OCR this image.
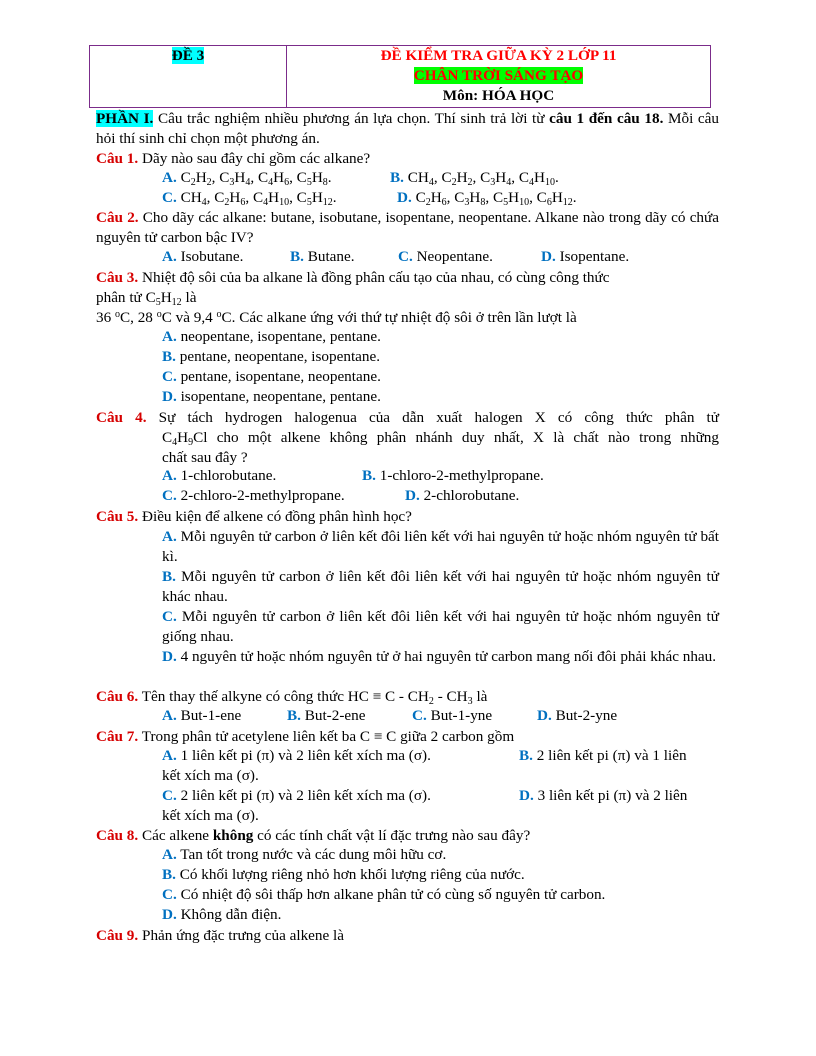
ĐỀ 3	ĐỀ KIỂM TRA GIỮA KỲ 2 LỚP 11
CHÂN TRỜI SÁNG TẠO
Môn: HÓA HỌC
PHẦN I. Câu trắc nghiệm nhiều phương án lựa chọn. Thí sinh trả lời từ câu 1 đến câu 18. Mỗi câu hỏi thí sinh chỉ chọn một phương án.
Câu 1. Dãy nào sau đây chỉ gồm các alkane?
A. $C_2H_2$, $C_3H_4$, $C_4H_6$, $C_5H_8$.	B. $CH_4$, $C_2H_2$, $C_3H_4$, $C_4H_{10}$.
C. $CH_4$, $C_2H_6$, $C_4H_{10}$, $C_5H_{12}$.	D. $C_2H_6$, $C_3H_8$, $C_5H_{10}$, $C_6H_{12}$.
Câu 2. Cho dãy các alkane: butane, isobutane, isopentane, neopentane. Alkane nào trong dãy có chứa nguyên tử carbon bậc IV?
A. Isobutane.	B. Butane.	C. Neopentane.	D. Isopentane.
Câu 3. Nhiệt độ sôi của ba alkane là đồng phân cấu tạo của nhau, có cùng công thức
phân tử $C_5H_{12}$ là
36 $^o$C, 28 $^o$C và 9,4 $^o$C. Các alkane ứng với thứ tự nhiệt độ sôi ở trên lần lượt là
A. neopentane, isopentane, pentane.
B. pentane, neopentane, isopentane.
C. pentane, isopentane, neopentane.
D. isopentane, neopentane, pentane.
Câu 4. Sự tách hydrogen halogenua của dẫn xuất halogen X có công thức phân tử
$C_4H_9Cl$ cho một alkene không phân nhánh duy nhất, X là chất nào trong những
chất sau đây ?
A. 1-chlorobutane.	B. 1-chloro-2-methylpropane.
C. 2-chloro-2-methylpropane.	D. 2-chlorobutane.
Câu 5. Điều kiện để alkene có đồng phân hình học?
A. Mỗi nguyên tử carbon ở liên kết đôi liên kết với hai nguyên tử hoặc nhóm nguyên tử bất kì.
B. Mỗi nguyên tử carbon ở liên kết đôi liên kết với hai nguyên tử hoặc nhóm nguyên tử khác nhau.
C. Mỗi nguyên tử carbon ở liên kết đôi liên kết với hai nguyên tử hoặc nhóm nguyên tử giống nhau.
D. 4 nguyên tử hoặc nhóm nguyên tử ở hai nguyên tử carbon mang nối đôi phải khác nhau.
Câu 6. Tên thay thế alkyne có công thức HC ≡ C - $CH_2 - CH_3$ là
A. But-1-ene	B. But-2-ene	C. But-1-yne	D. But-2-yne
Câu 7. Trong phân tử acetylene liên kết ba C ≡ C giữa 2 carbon gồm
A. 1 liên kết pi (π) và 2 liên kết xích ma (σ).	B. 2 liên kết pi (π) và 1 liên
kết xích ma (σ).
C. 2 liên kết pi (π) và 2 liên kết xích ma (σ).	D. 3 liên kết pi (π) và 2 liên
kết xích ma (σ).
Câu 8. Các alkene không có các tính chất vật lí đặc trưng nào sau đây?
A. Tan tốt trong nước và các dung môi hữu cơ.
B. Có khối lượng riêng nhỏ hơn khối lượng riêng của nước.
C. Có nhiệt độ sôi thấp hơn alkane phân tử có cùng số nguyên tử carbon.
D. Không dẫn điện.
Câu 9. Phản ứng đặc trưng của alkene là
